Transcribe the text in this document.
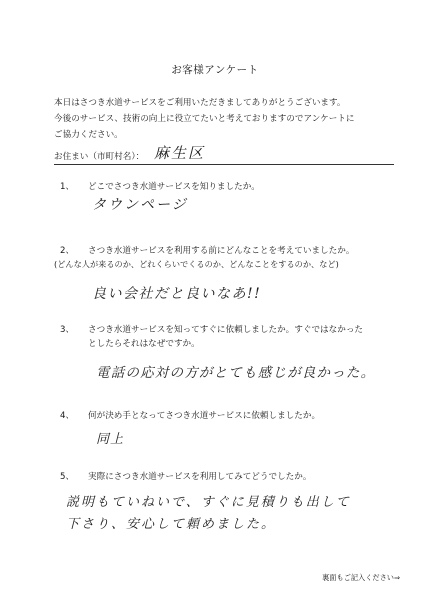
お客様アンケート
本日はさつき水道サービスをご利用いただきましてありがとうございます。
今後のサービス、技術の向上に役立てたいと考えておりますのでアンケートに
ご協力ください。
お住まい（市町村名）： 麻生区
1、 どこでさつき水道サービスを知りましたか。
タウンページ
2、 さつき水道サービスを利用する前にどんなことを考えていましたか。
(どんな人が来るのか、どれくらいでくるのか、どんなことをするのか、など)
良い会社だと良いなあ!!
3、 さつき水道サービスを知ってすぐに依頼しましたか。すぐではなかった
としたらそれはなぜですか。
電話の応対の方がとても感じが良かった。
4、 何が決め手となってさつき水道サービスに依頼しましたか。
同上
5、 実際にさつき水道サービスを利用してみてどうでしたか。
説明もていねいで、すぐに見積りも出して
下さり、安心して頼めました。
裏面もご記入ください⇒
